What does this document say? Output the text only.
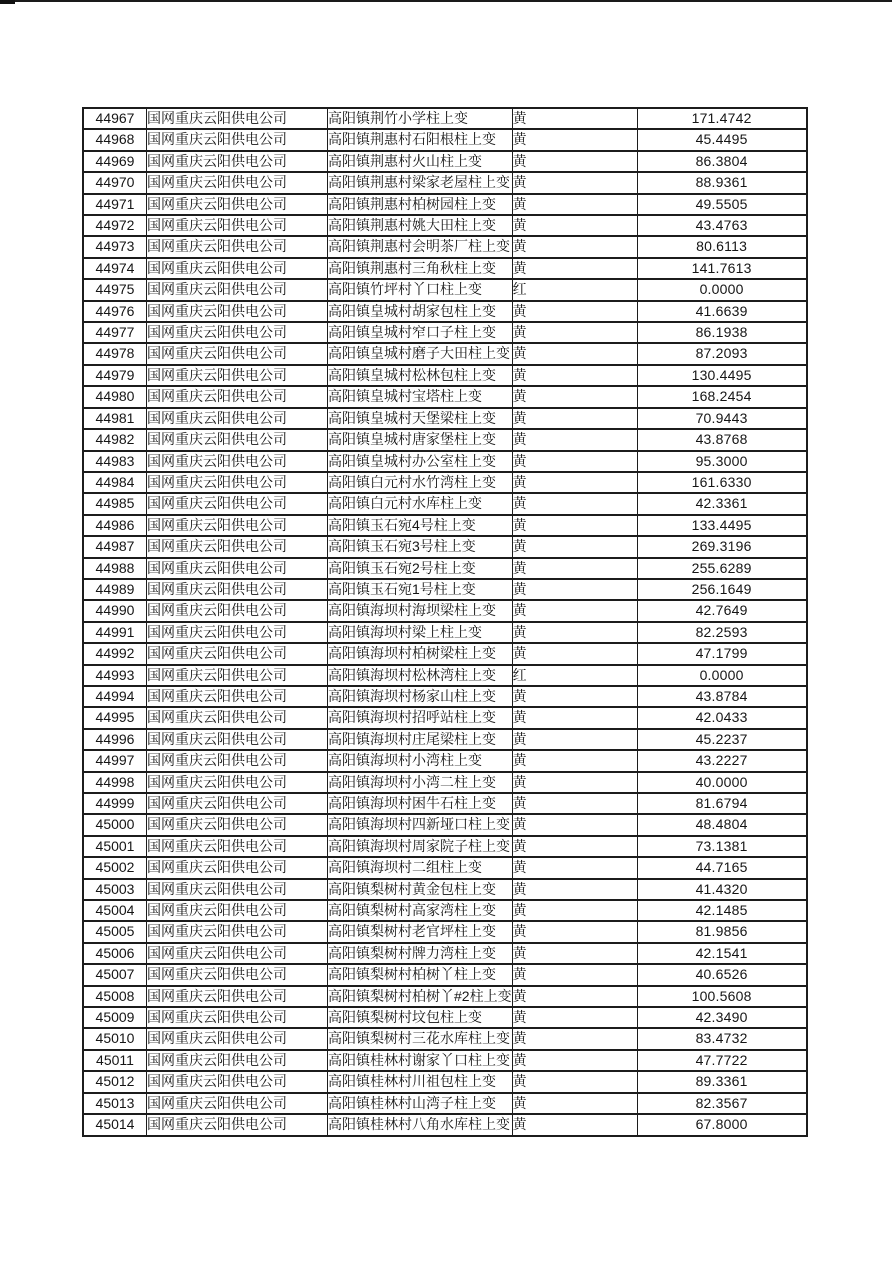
44967	国网重庆云阳供电公司	高阳镇荆竹小学柱上变	黄	171.4742
44968	国网重庆云阳供电公司	高阳镇荆惠村石阳根柱上变	黄	45.4495
44969	国网重庆云阳供电公司	高阳镇荆惠村火山柱上变	黄	86.3804
44970	国网重庆云阳供电公司	高阳镇荆惠村梁家老屋柱上变	黄	88.9361
44971	国网重庆云阳供电公司	高阳镇荆惠村柏树园柱上变	黄	49.5505
44972	国网重庆云阳供电公司	高阳镇荆惠村姚大田柱上变	黄	43.4763
44973	国网重庆云阳供电公司	高阳镇荆惠村会明茶厂柱上变	黄	80.6113
44974	国网重庆云阳供电公司	高阳镇荆惠村三角秋柱上变	黄	141.7613
44975	国网重庆云阳供电公司	高阳镇竹坪村丫口柱上变	红	0.0000
44976	国网重庆云阳供电公司	高阳镇皇城村胡家包柱上变	黄	41.6639
44977	国网重庆云阳供电公司	高阳镇皇城村窄口子柱上变	黄	86.1938
44978	国网重庆云阳供电公司	高阳镇皇城村磨子大田柱上变	黄	87.2093
44979	国网重庆云阳供电公司	高阳镇皇城村松林包柱上变	黄	130.4495
44980	国网重庆云阳供电公司	高阳镇皇城村宝塔柱上变	黄	168.2454
44981	国网重庆云阳供电公司	高阳镇皇城村天堡梁柱上变	黄	70.9443
44982	国网重庆云阳供电公司	高阳镇皇城村唐家堡柱上变	黄	43.8768
44983	国网重庆云阳供电公司	高阳镇皇城村办公室柱上变	黄	95.3000
44984	国网重庆云阳供电公司	高阳镇白元村水竹湾柱上变	黄	161.6330
44985	国网重庆云阳供电公司	高阳镇白元村水库柱上变	黄	42.3361
44986	国网重庆云阳供电公司	高阳镇玉石宛4号柱上变	黄	133.4495
44987	国网重庆云阳供电公司	高阳镇玉石宛3号柱上变	黄	269.3196
44988	国网重庆云阳供电公司	高阳镇玉石宛2号柱上变	黄	255.6289
44989	国网重庆云阳供电公司	高阳镇玉石宛1号柱上变	黄	256.1649
44990	国网重庆云阳供电公司	高阳镇海坝村海坝梁柱上变	黄	42.7649
44991	国网重庆云阳供电公司	高阳镇海坝村梁上柱上变	黄	82.2593
44992	国网重庆云阳供电公司	高阳镇海坝村柏树梁柱上变	黄	47.1799
44993	国网重庆云阳供电公司	高阳镇海坝村松林湾柱上变	红	0.0000
44994	国网重庆云阳供电公司	高阳镇海坝村杨家山柱上变	黄	43.8784
44995	国网重庆云阳供电公司	高阳镇海坝村招呼站柱上变	黄	42.0433
44996	国网重庆云阳供电公司	高阳镇海坝村庄尾梁柱上变	黄	45.2237
44997	国网重庆云阳供电公司	高阳镇海坝村小湾柱上变	黄	43.2227
44998	国网重庆云阳供电公司	高阳镇海坝村小湾二柱上变	黄	40.0000
44999	国网重庆云阳供电公司	高阳镇海坝村困牛石柱上变	黄	81.6794
45000	国网重庆云阳供电公司	高阳镇海坝村四新垭口柱上变	黄	48.4804
45001	国网重庆云阳供电公司	高阳镇海坝村周家院子柱上变	黄	73.1381
45002	国网重庆云阳供电公司	高阳镇海坝村二组柱上变	黄	44.7165
45003	国网重庆云阳供电公司	高阳镇梨树村黄金包柱上变	黄	41.4320
45004	国网重庆云阳供电公司	高阳镇梨树村高家湾柱上变	黄	42.1485
45005	国网重庆云阳供电公司	高阳镇梨树村老官坪柱上变	黄	81.9856
45006	国网重庆云阳供电公司	高阳镇梨树村牌力湾柱上变	黄	42.1541
45007	国网重庆云阳供电公司	高阳镇梨树村柏树丫柱上变	黄	40.6526
45008	国网重庆云阳供电公司	高阳镇梨树村柏树丫#2柱上变	黄	100.5608
45009	国网重庆云阳供电公司	高阳镇梨树村坟包柱上变	黄	42.3490
45010	国网重庆云阳供电公司	高阳镇梨树村三花水库柱上变	黄	83.4732
45011	国网重庆云阳供电公司	高阳镇桂林村谢家丫口柱上变	黄	47.7722
45012	国网重庆云阳供电公司	高阳镇桂林村川祖包柱上变	黄	89.3361
45013	国网重庆云阳供电公司	高阳镇桂林村山湾子柱上变	黄	82.3567
45014	国网重庆云阳供电公司	高阳镇桂林村八角水库柱上变	黄	67.8000
